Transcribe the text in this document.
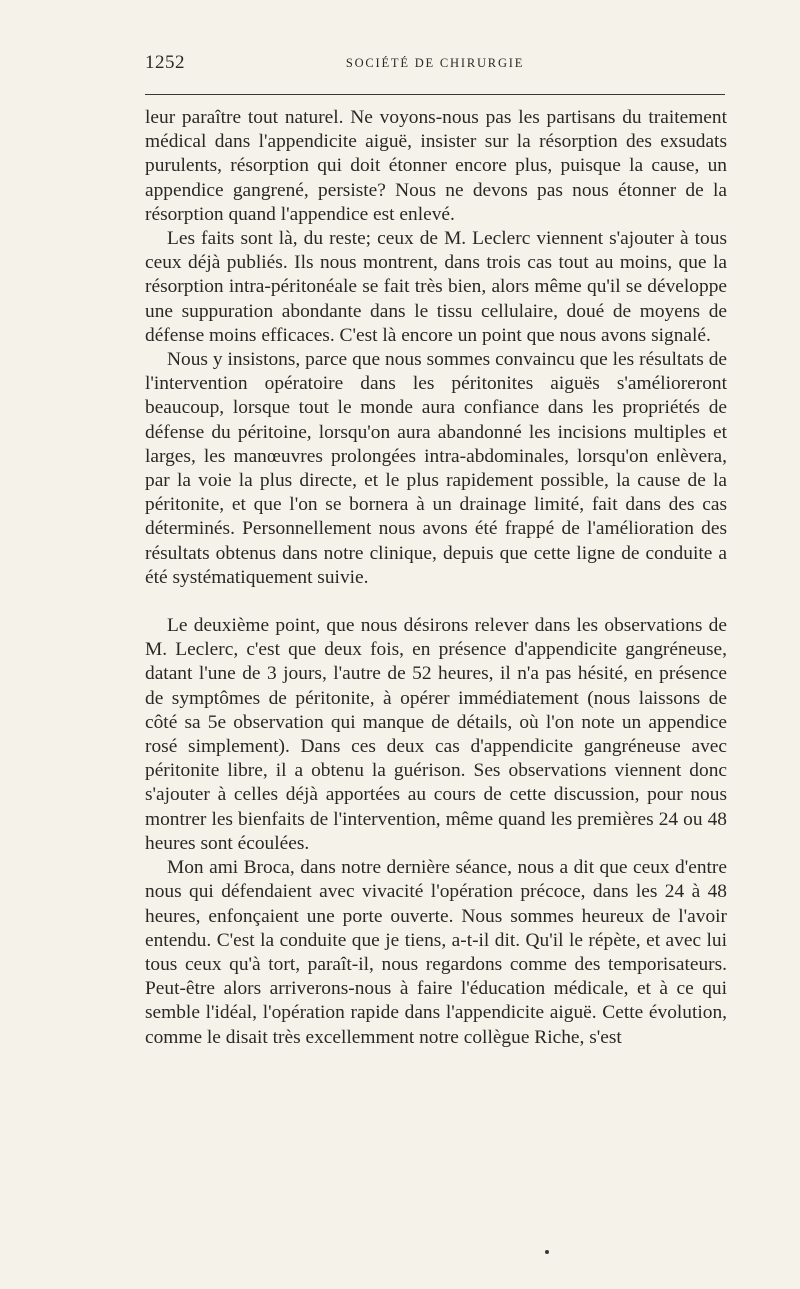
1252	SOCIÉTÉ DE CHIRURGIE

leur paraître tout naturel. Ne voyons-nous pas les partisans du traitement médical dans l'appendicite aiguë, insister sur la résorption des exsudats purulents, résorption qui doit étonner encore plus, puisque la cause, un appendice gangrené, persiste? Nous ne devons pas nous étonner de la résorption quand l'appendice est enlevé.

Les faits sont là, du reste; ceux de M. Leclerc viennent s'ajouter à tous ceux déjà publiés. Ils nous montrent, dans trois cas tout au moins, que la résorption intra-péritonéale se fait très bien, alors même qu'il se développe une suppuration abondante dans le tissu cellulaire, doué de moyens de défense moins efficaces. C'est là encore un point que nous avons signalé.

Nous y insistons, parce que nous sommes convaincu que les résultats de l'intervention opératoire dans les péritonites aiguës s'amélioreront beaucoup, lorsque tout le monde aura confiance dans les propriétés de défense du péritoine, lorsqu'on aura abandonné les incisions multiples et larges, les manœuvres prolongées intra-abdominales, lorsqu'on enlèvera, par la voie la plus directe, et le plus rapidement possible, la cause de la péritonite, et que l'on se bornera à un drainage limité, fait dans des cas déterminés. Personnellement nous avons été frappé de l'amélioration des résultats obtenus dans notre clinique, depuis que cette ligne de conduite a été systématiquement suivie.

Le deuxième point, que nous désirons relever dans les observations de M. Leclerc, c'est que deux fois, en présence d'appendicite gangréneuse, datant l'une de 3 jours, l'autre de 52 heures, il n'a pas hésité, en présence de symptômes de péritonite, à opérer immédiatement (nous laissons de côté sa 5e observation qui manque de détails, où l'on note un appendice rosé simplement). Dans ces deux cas d'appendicite gangréneuse avec péritonite libre, il a obtenu la guérison. Ses observations viennent donc s'ajouter à celles déjà apportées au cours de cette discussion, pour nous montrer les bienfaits de l'intervention, même quand les premières 24 ou 48 heures sont écoulées.

Mon ami Broca, dans notre dernière séance, nous a dit que ceux d'entre nous qui défendaient avec vivacité l'opération précoce, dans les 24 à 48 heures, enfonçaient une porte ouverte. Nous sommes heureux de l'avoir entendu. C'est la conduite que je tiens, a-t-il dit. Qu'il le répète, et avec lui tous ceux qu'à tort, paraît-il, nous regardons comme des temporisateurs. Peut-être alors arriverons-nous à faire l'éducation médicale, et à ce qui semble l'idéal, l'opération rapide dans l'appendicite aiguë. Cette évolution, comme le disait très excellemment notre collègue Riche, s'est
